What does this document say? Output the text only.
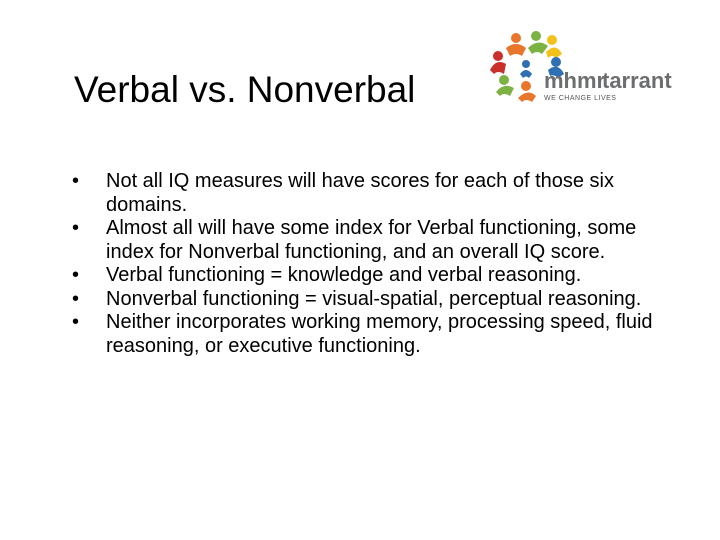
Verbal vs. Nonverbal	mhmr
tarrant
WE CHANGE LIVES
•	Not all IQ measures will have scores for each of those six domains.
•	Almost all will have some index for Verbal functioning, some index for Nonverbal functioning, and an overall IQ score.
•	Verbal functioning = knowledge and verbal reasoning.
•	Nonverbal functioning = visual-spatial, perceptual reasoning.
•	Neither incorporates working memory, processing speed, fluid reasoning, or executive functioning.
